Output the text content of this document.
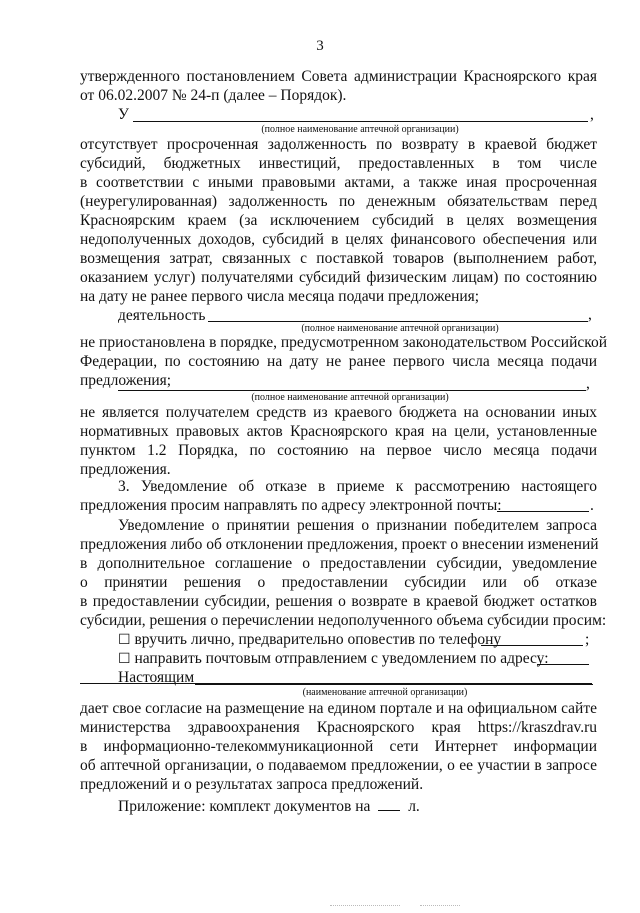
3
утвержденного постановлением Совета администрации Красноярского края
от 06.02.2007 № 24-п (далее – Порядок).
У	,
(полное наименование аптечной организации)
отсутствует просроченная задолженность по возврату в краевой бюджет
субсидий, бюджетных инвестиций, предоставленных в том числе
в соответствии с иными правовыми актами, а также иная просроченная
(неурегулированная) задолженность по денежным обязательствам перед
Красноярским краем (за исключением субсидий в целях возмещения
недополученных доходов, субсидий в целях финансового обеспечения или
возмещения затрат, связанных с поставкой товаров (выполнением работ,
оказанием услуг) получателями субсидий физическим лицам) по состоянию
на дату не ранее первого числа месяца подачи предложения;
деятельность	,
(полное наименование аптечной организации)
не приостановлена в порядке, предусмотренном законодательством Российской
Федерации, по состоянию на дату не ранее первого числа месяца подачи
предложения;	,
(полное наименование аптечной организации)
не является получателем средств из краевого бюджета на основании иных
нормативных правовых актов Красноярского края на цели, установленные
пунктом 1.2 Порядка, по состоянию на первое число месяца подачи
предложения.
3. Уведомление об отказе в приеме к рассмотрению настоящего
предложения просим направлять по адресу электронной почты:	.
Уведомление о принятии решения о признании победителем запроса
предложения либо об отклонении предложения, проект о внесении изменений
в дополнительное соглашение о предоставлении субсидии, уведомление
о принятии решения о предоставлении субсидии или об отказе
в предоставлении субсидии, решения о возврате в краевой бюджет остатков
субсидии, решения о перечислении недополученного объема субсидии просим:
☐ вручить лично, предварительно оповестив по телефону	;
☐ направить почтовым отправлением с уведомлением по адресу:
Настоящим
(наименование аптечной организации)
дает свое согласие на размещение на едином портале и на официальном сайте
министерства здравоохранения Красноярского края https://kraszdrav.ru
в информационно-телекоммуникационной сети Интернет информации
об аптечной организации, о подаваемом предложении, о ее участии в запросе
предложений и о результатах запроса предложений.
Приложение: комплект документов на л.
